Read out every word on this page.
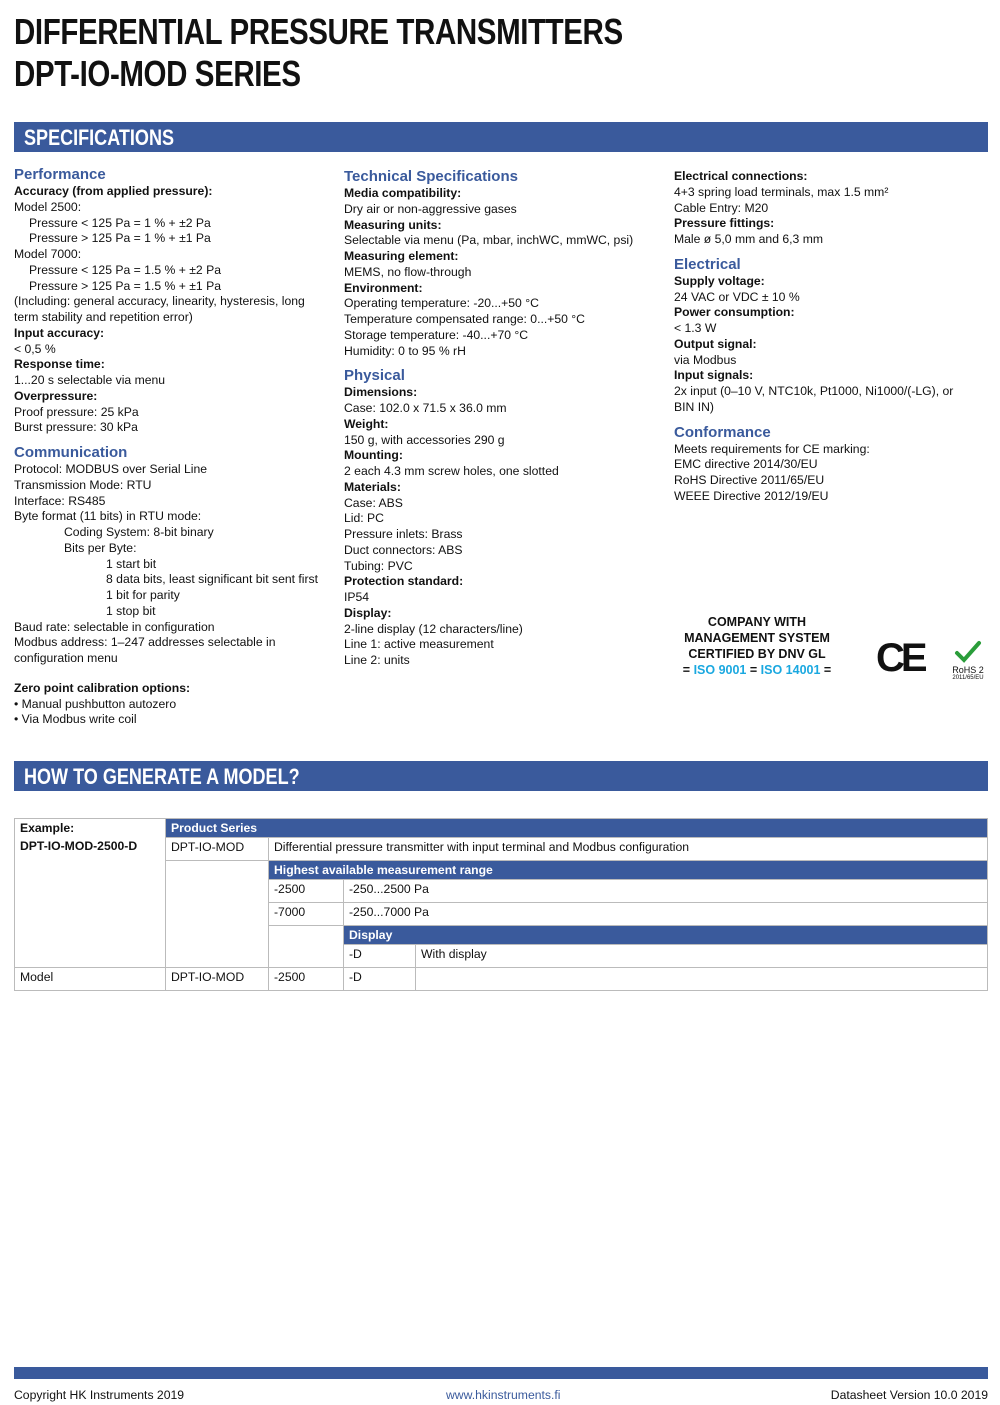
DIFFERENTIAL PRESSURE TRANSMITTERS
DPT-IO-MOD SERIES
SPECIFICATIONS
Performance
Accuracy (from applied pressure):
Model 2500:
Pressure < 125 Pa = 1 % + ±2 Pa
Pressure > 125 Pa = 1 % + ±1 Pa
Model 7000:
Pressure < 125 Pa = 1.5 % + ±2 Pa
Pressure > 125 Pa = 1.5 % + ±1 Pa
(Including: general accuracy, linearity, hysteresis, long
term stability and repetition error)
Input accuracy:
< 0,5 %
Response time:
1...20 s selectable via menu
Overpressure:
Proof pressure: 25 kPa
Burst pressure: 30 kPa
Communication
Protocol: MODBUS over Serial Line
Transmission Mode: RTU
Interface: RS485
Byte format (11 bits) in RTU mode:
Coding System: 8-bit binary
Bits per Byte:
1 start bit
8 data bits, least significant bit sent first
1 bit for parity
1 stop bit
Baud rate: selectable in configuration
Modbus address: 1–247 addresses selectable in
configuration menu
Zero point calibration options:
• Manual pushbutton autozero
• Via Modbus write coil
Technical Specifications
Media compatibility:
Dry air or non-aggressive gases
Measuring units:
Selectable via menu (Pa, mbar, inchWC, mmWC, psi)
Measuring element:
MEMS, no flow-through
Environment:
Operating temperature: -20...+50 °C
Temperature compensated range: 0...+50 °C
Storage temperature: -40...+70 °C
Humidity: 0 to 95 % rH
Physical
Dimensions:
Case: 102.0 x 71.5 x 36.0 mm
Weight:
150 g, with accessories 290 g
Mounting:
2 each 4.3 mm screw holes, one slotted
Materials:
Case: ABS
Lid: PC
Pressure inlets: Brass
Duct connectors: ABS
Tubing: PVC
Protection standard:
IP54
Display:
2-line display (12 characters/line)
Line 1: active measurement
Line 2: units
Electrical connections:
4+3 spring load terminals, max 1.5 mm²
Cable Entry: M20
Pressure fittings:
Male ø 5,0 mm and 6,3 mm
Electrical
Supply voltage:
24 VAC or VDC ± 10 %
Power consumption:
< 1.3 W
Output signal:
via Modbus
Input signals:
2x input (0–10 V, NTC10k, Pt1000, Ni1000/(-LG), or
BIN IN)
Conformance
Meets requirements for CE marking:
EMC directive 2014/30/EU
RoHS Directive 2011/65/EU
WEEE Directive 2012/19/EU
COMPANY WITH
MANAGEMENT SYSTEM
CERTIFIED BY DNV GL
= ISO 9001 = ISO 14001 = CE	RoHS 2
2011/65/EU
HOW TO GENERATE A MODEL?
Example:
DPT-IO-MOD-2500-D	Product Series			
	DPT-IO-MOD	Differential pressure transmitter with input terminal and Modbus configuration		
		Highest available measurement range		
		-2500	-250...2500 Pa	
		-7000	-250...7000 Pa	
			Display	
			-D	With display
Model	DPT-IO-MOD	-2500	-D	
Copyright HK Instruments 2019	www.hkinstruments.fi	Datasheet Version 10.0 2019
